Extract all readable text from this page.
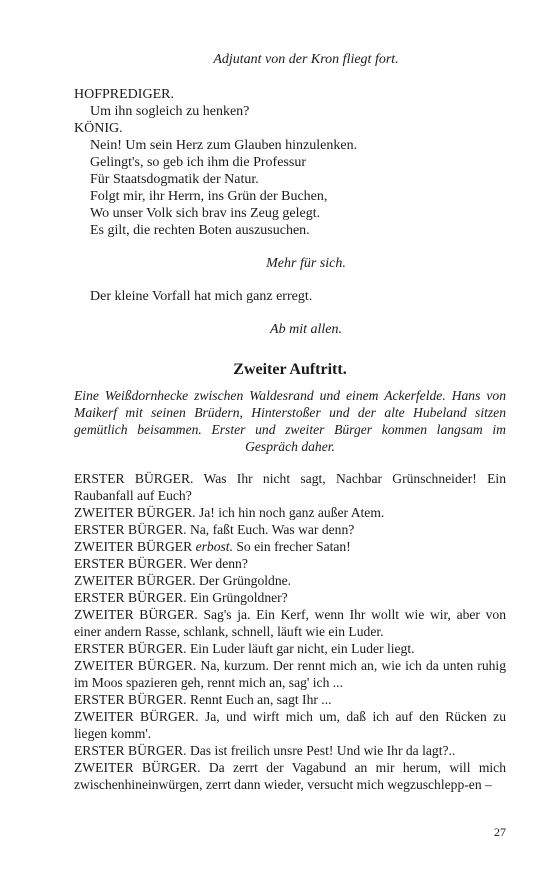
Adjutant von der Kron fliegt fort.
HOFPREDIGER.
Um ihn sogleich zu henken?
KÖNIG.
Nein! Um sein Herz zum Glauben hinzulenken.
Gelingt's, so geb ich ihm die Professur
Für Staatsdogmatik der Natur.
Folgt mir, ihr Herrn, ins Grün der Buchen,
Wo unser Volk sich brav ins Zeug gelegt.
Es gilt, die rechten Boten auszusuchen.
Mehr für sich.
Der kleine Vorfall hat mich ganz erregt.
Ab mit allen.
Zweiter Auftritt.
Eine Weißdornhecke zwischen Waldesrand und einem Ackerfelde. Hans von Maikerf mit seinen Brüdern, Hinterstoßer und der alte Hubeland sitzen gemütlich beisammen. Erster und zweiter Bürger kommen langsam im Gespräch daher.
ERSTER BÜRGER. Was Ihr nicht sagt, Nachbar Grünschneider! Ein Raubanfall auf Euch?
ZWEITER BÜRGER. Ja! ich hin noch ganz außer Atem.
ERSTER BÜRGER. Na, faßt Euch. Was war denn?
ZWEITER BÜRGER erbost. So ein frecher Satan!
ERSTER BÜRGER. Wer denn?
ZWEITER BÜRGER. Der Grüngoldne.
ERSTER BÜRGER. Ein Grüngoldner?
ZWEITER BÜRGER. Sag's ja. Ein Kerf, wenn Ihr wollt wie wir, aber von einer andern Rasse, schlank, schnell, läuft wie ein Luder.
ERSTER BÜRGER. Ein Luder läuft gar nicht, ein Luder liegt.
ZWEITER BÜRGER. Na, kurzum. Der rennt mich an, wie ich da unten ruhig im Moos spazieren geh, rennt mich an, sag' ich ...
ERSTER BÜRGER. Rennt Euch an, sagt Ihr ...
ZWEITER BÜRGER. Ja, und wirft mich um, daß ich auf den Rücken zu liegen komm'.
ERSTER BÜRGER. Das ist freilich unsre Pest! Und wie Ihr da lagt?..
ZWEITER BÜRGER. Da zerrt der Vagabund an mir herum, will mich zwischenhineinwürgen, zerrt dann wieder, versucht mich wegzuschlepp-en –
27
